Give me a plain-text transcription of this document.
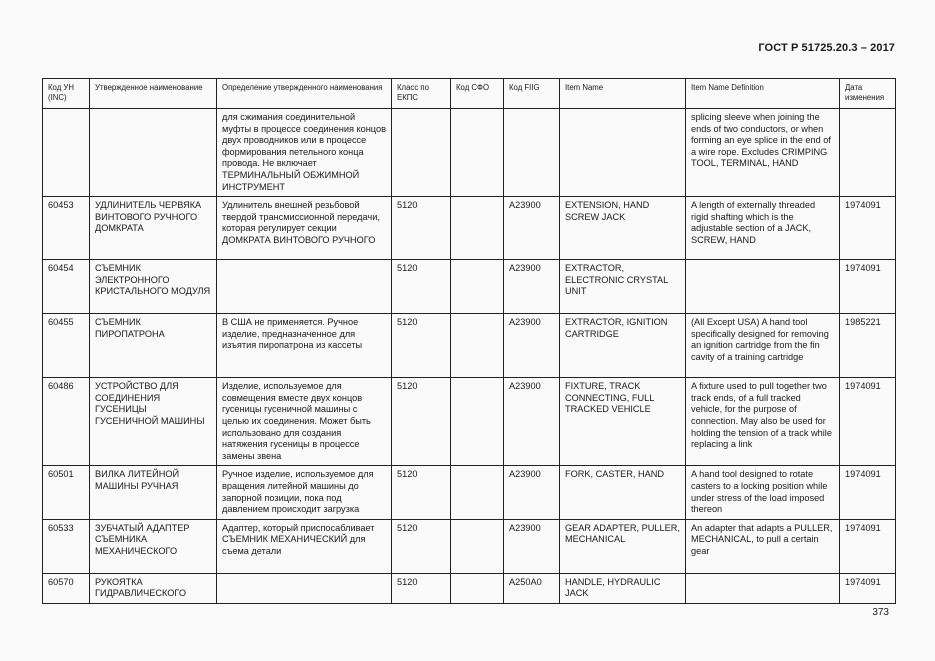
ГОСТ Р 51725.20.3 – 2017
Код УН (INC)	Утвержденное наименование	Определение утвержденного наименования	Класс по ЕКПС	Код СФО	Код FIIG	Item Name	Item Name Definition	Дата изменения
		для сжимания соединительной муфты в процессе соединения концов двух проводников или в процессе формирования петельного конца провода. Не включает ТЕРМИНАЛЬНЫЙ ОБЖИМНОЙ ИНСТРУМЕНТ					splicing sleeve when joining the ends of two conductors, or when forming an eye splice in the end of a wire rope. Excludes CRIMPING TOOL, TERMINAL, HAND	
60453	УДЛИНИТЕЛЬ ЧЕРВЯКА ВИНТОВОГО РУЧНОГО ДОМКРАТА	Удлинитель внешней резьбовой твердой трансмиссионной передачи, которая регулирует секции ДОМКРАТА ВИНТОВОГО РУЧНОГО	5120		A23900	EXTENSION, HAND SCREW JACK	A length of externally threaded rigid shafting which is the adjustable section of a JACK, SCREW, HAND	1974091
60454	СЪЕМНИК ЭЛЕКТРОННОГО КРИСТАЛЬНОГО МОДУЛЯ		5120		A23900	EXTRACTOR, ELECTRONIC CRYSTAL UNIT		1974091
60455	СЪЕМНИК ПИРОПАТРОНА	В США не применяется. Ручное изделие, предназначенное для изъятия пиропатрона из кассеты	5120		A23900	EXTRACTOR, IGNITION CARTRIDGE	(All Except USA) A hand tool specifically designed for removing an ignition cartridge from the fin cavity of a training cartridge	1985221
60486	УСТРОЙСТВО ДЛЯ СОЕДИНЕНИЯ ГУСЕНИЦЫ ГУСЕНИЧНОЙ МАШИНЫ	Изделие, используемое для совмещения вместе двух концов гусеницы гусеничной машины с целью их соединения. Может быть использовано для создания натяжения гусеницы в процессе замены звена	5120		A23900	FIXTURE, TRACK CONNECTING, FULL TRACKED VEHICLE	A fixture used to pull together two track ends, of a full tracked vehicle, for the purpose of connection. May also be used for holding the tension of a track while replacing a link	1974091
60501	ВИЛКА ЛИТЕЙНОЙ МАШИНЫ РУЧНАЯ	Ручное изделие, используемое для вращения литейной машины до запорной позиции, пока под давлением происходит загрузка	5120		A23900	FORK, CASTER, HAND	A hand tool designed to rotate casters to a locking position while under stress of the load imposed thereon	1974091
60533	ЗУБЧАТЫЙ АДАПТЕР СЪЕМНИКА МЕХАНИЧЕСКОГО	Адаптер, который приспосабливает СЪЕМНИК МЕХАНИЧЕСКИЙ для съема детали	5120		A23900	GEAR ADAPTER, PULLER, MECHANICAL	An adapter that adapts a PULLER, MECHANICAL, to pull a certain gear	1974091
60570	РУКОЯТКА ГИДРАВЛИЧЕСКОГО		5120		A250A0	HANDLE, HYDRAULIC JACK		1974091
373
